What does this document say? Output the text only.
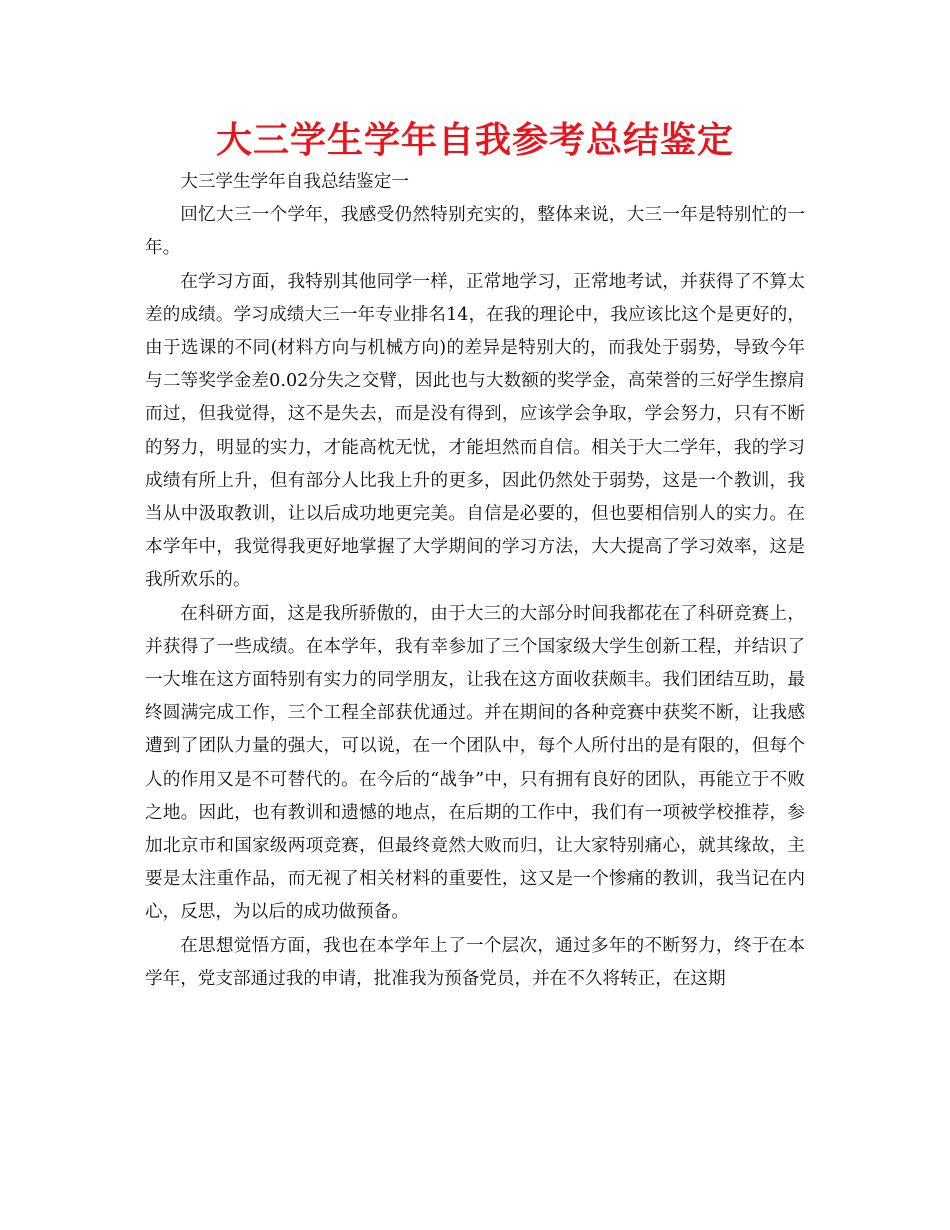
大三学生学年自我参考总结鉴定

大三学生学年自我总结鉴定一

回忆大三一个学年，我感受仍然特别充实的，整体来说，大三一年是特别忙的一年。

在学习方面，我特别其他同学一样，正常地学习，正常地考试，并获得了不算太差的成绩。学习成绩大三一年专业排名14，在我的理论中，我应该比这个是更好的，由于选课的不同(材料方向与机械方向)的差异是特别大的，而我处于弱势，导致今年与二等奖学金差0.02分失之交臂，因此也与大数额的奖学金，高荣誉的三好学生擦肩而过，但我觉得，这不是失去，而是没有得到，应该学会争取，学会努力，只有不断的努力，明显的实力，才能高枕无忧，才能坦然而自信。相关于大二学年，我的学习成绩有所上升，但有部分人比我上升的更多，因此仍然处于弱势，这是一个教训，我当从中汲取教训，让以后成功地更完美。自信是必要的，但也要相信别人的实力。在本学年中，我觉得我更好地掌握了大学期间的学习方法，大大提高了学习效率，这是我所欢乐的。

在科研方面，这是我所骄傲的，由于大三的大部分时间我都花在了科研竞赛上，并获得了一些成绩。在本学年，我有幸参加了三个国家级大学生创新工程，并结识了一大堆在这方面特别有实力的同学朋友，让我在这方面收获颇丰。我们团结互助，最终圆满完成工作，三个工程全部获优通过。并在期间的各种竞赛中获奖不断，让我感遭到了团队力量的强大，可以说，在一个团队中，每个人所付出的是有限的，但每个人的作用又是不可替代的。在今后的“战争”中，只有拥有良好的团队，再能立于不败之地。因此，也有教训和遗憾的地点，在后期的工作中，我们有一项被学校推荐，参加北京市和国家级两项竞赛，但最终竟然大败而归，让大家特别痛心，就其缘故，主要是太注重作品，而无视了相关材料的重要性，这又是一个惨痛的教训，我当记在内心，反思，为以后的成功做预备。

在思想觉悟方面，我也在本学年上了一个层次，通过多年的不断努力，终于在本学年，党支部通过我的申请，批准我为预备党员，并在不久将转正，在这期
